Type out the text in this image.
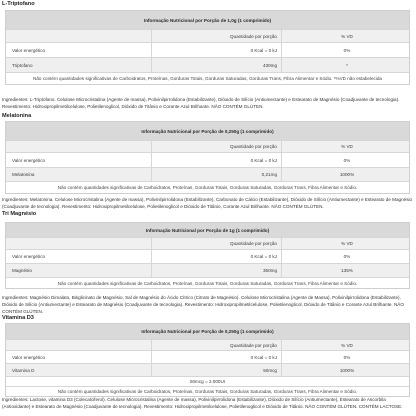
L-Triptofano
Informação Nutricional por Porção de 1,0g (1 comprimido)
Quantidade por porção	% VD
Valor energético	0 Kcal = 0 kJ	0%
Triptofano	430mg	*
Não contém quantidades significativas de Carboidratos, Proteínas, Gorduras Totais, Gorduras Saturadas, Gorduras Trans, Fibra Alimentar e Sódio. *%VD não estabelecida
Ingredientes: L-Triptofano. Celulose Microcristalina (Agente de massa), Polivinilpirrolidona (Estabilizante), Dióxido de Silício (Antiumectante) e Estearato de Magnésio (Coadjuvante de tecnologia). Revestimento: Hidroxipropilmetilcelulose, Polietilenoglicol, Dióxido de Titânio e Corante Azul Brilhante. NÃO CONTÉM GLÚTEN.
Melatonina
Informação Nutricional por Porção de 0,250g (1 comprimido)
Quantidade por porção	% VD
Valor energético	0 Kcal = 0 kJ	0%
Melatonina	0,21mg	1000%
Não contém quantidades significativas de Carboidratos, Proteínas, Gorduras Totais, Gorduras Saturadas, Gorduras Trans, Fibra Alimentar e Sódio.
Ingredientes: Melatonina. Celulose Microcristalina (Agente de massa), Polivinilpirrolidona (Estabilizante), Carbonato de Cálcio (Estabilizante), Dióxido de Silício (Antiumectante) e Estearato de Magnésio (Coadjuvante de tecnologia). Revestimento: Hidroxipropilmetilcelulose, Polietilenoglicol e Dióxido de Titânio, Corante Azul Brilhante. NÃO CONTÉM GLÚTEN.
Tri Magnésio
Informação Nutricional por Porção de 1g (1 comprimido)
Quantidade por porção	% VD
Valor energético	0 Kcal = 0 kJ	0%
Magnésio	350mg	135%
Não contém quantidades significativas de Carboidratos, Proteínas, Gorduras Totais, Gorduras Saturadas, Gorduras Trans, Fibra Alimentar e Sódio.
Ingredientes: Magnésio Dimalato, Bisglicinato de Magnésio, Sal de Magnésio do Ácido Cítrico (Citrato de Magnésio). Celulose Microcristalina (Agente de Massa), Polivinilpirrolidona (Estabilizante), Dióxido de Silício (Antiumectante) e Estearato de Magnésio (Coadjuvante de tecnologia). Revestimento: Hidroxipropilmetilcelulose, Polietilenoglicol, Dióxido de Titânio e Corante Azul Brilhante. NÃO CONTÉM GLÚTEN.
Vitamina D3
Informação Nutricional por Porção de 0,250g (1 comprimido)
Quantidade por porção	% VD
Valor energético	0 Kcal = 0 kJ	0%
Vitamina D	50mcg	1000%
50mcg = 2.000UI
Não contém quantidades significativas de Carboidratos, Proteínas, Gorduras Totais, Gorduras Saturadas, Gorduras Trans, Fibra Alimentar e Sódio.
Ingredientes: Lactose, vitamina D3 (Colecalciferol). Celulose Microcristalina (Agente de massa), Polivinilpirrolidona (Estabilizante), Dióxido de Silício (Antiumectante), Estearato de Ascorbila (Antioxidante) e Estearato de Magnésio (Coadjuvante de tecnologia). Revestimento: Hidroxipropilmetilcelulose, Polietilenoglicol e Dióxido de Titânio. NÃO CONTÉM GLÚTEN. CONTÉM LACTOSE.
